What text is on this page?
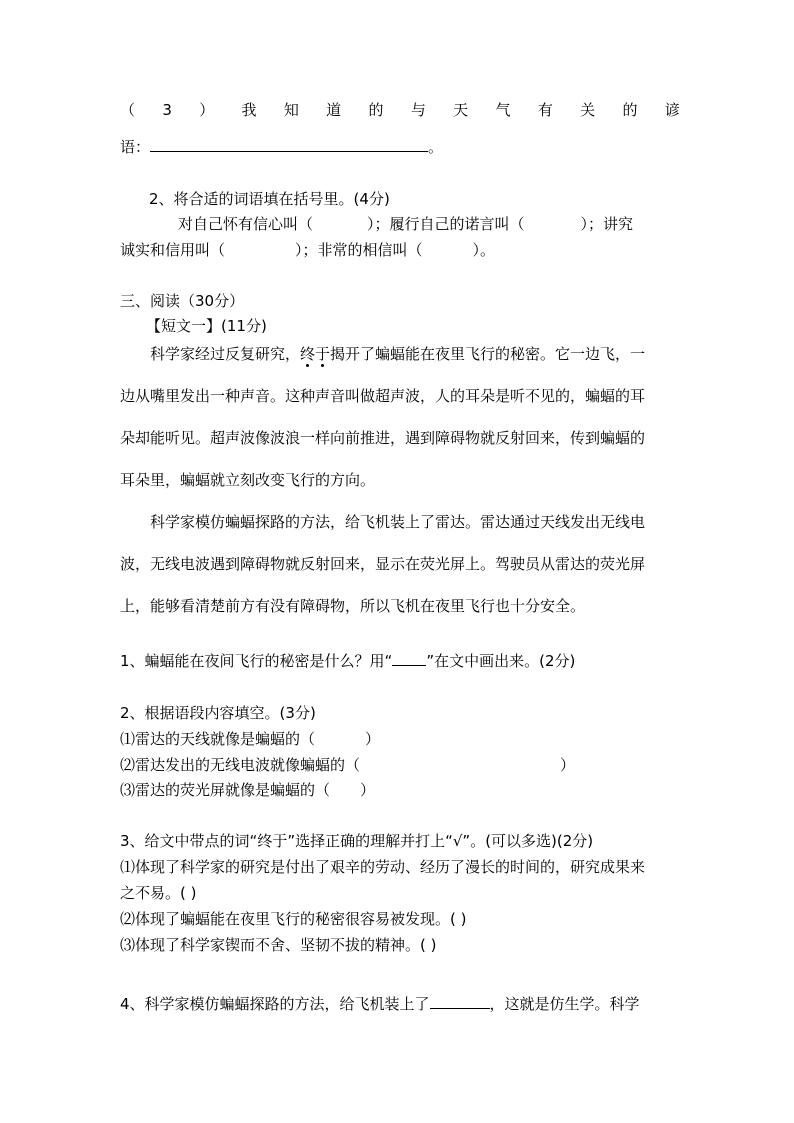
（ 3 ） 我 知 道 的 与 天 气 有 关 的 谚
语：	。
2、将合适的词语填在括号里。(4分)
对自己怀有信心叫（	）；履行自己的诺言叫（	）；讲究
诚实和信用叫（	）；非常的相信叫（	）。
三、阅读（30分）
【短文一】(11分)
科学家经过反复研究，终于揭开了蝙蝠能在夜里飞行的秘密。它一边飞，一
边从嘴里发出一种声音。这种声音叫做超声波，人的耳朵是听不见的，蝙蝠的耳
朵却能听见。超声波像波浪一样向前推进，遇到障碍物就反射回来，传到蝙蝠的
耳朵里，蝙蝠就立刻改变飞行的方向。
科学家模仿蝙蝠探路的方法，给飞机装上了雷达。雷达通过天线发出无线电
波，无线电波遇到障碍物就反射回来，显示在荧光屏上。驾驶员从雷达的荧光屏
上，能够看清楚前方有没有障碍物，所以飞机在夜里飞行也十分安全。
1、蝙蝠能在夜间飞行的秘密是什么？用“ ”在文中画出来。(2分)
2、根据语段内容填空。(3分)
⑴雷达的天线就像是蝙蝠的（	）
⑵雷达发出的无线电波就像蝙蝠的（	）
⑶雷达的荧光屏就像是蝙蝠的（ ）
3、给文中带点的词“终于”选择正确的理解并打上“√”。(可以多选)(2分)
⑴体现了科学家的研究是付出了艰辛的劳动、经历了漫长的时间的，研究成果来
之不易。( )
⑵体现了蝙蝠能在夜里飞行的秘密很容易被发现。( )
⑶体现了科学家锲而不舍、坚韧不拔的精神。( )
4、科学家模仿蝙蝠探路的方法，给飞机装上了	，这就是仿生学。科学
